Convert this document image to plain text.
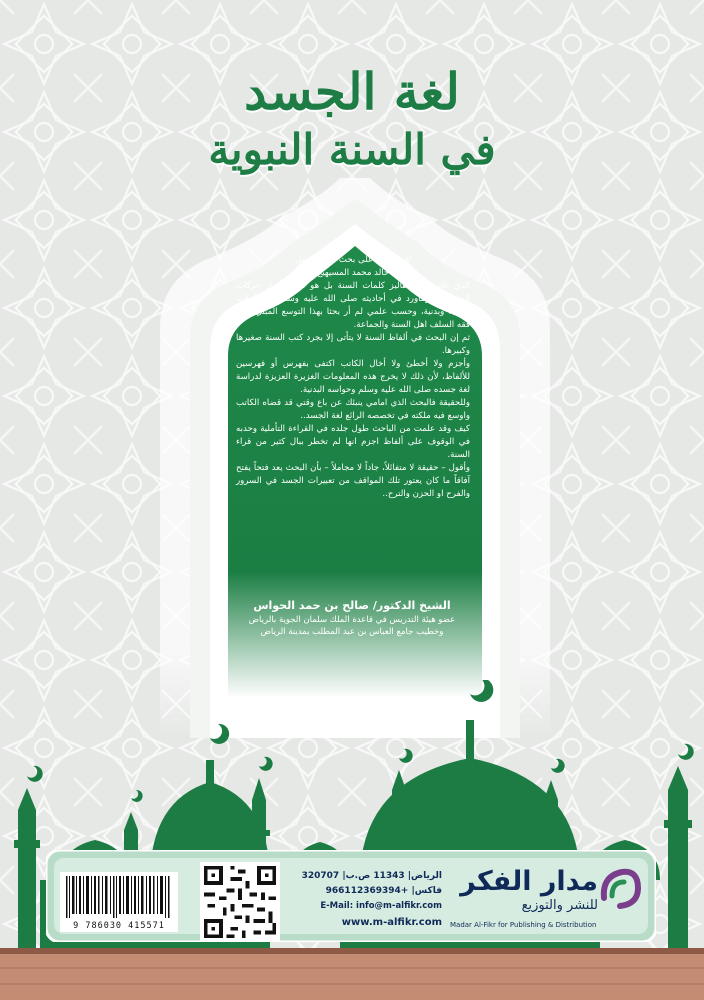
لغة الجسد
في السنة النبوية

لقد وقفت على بحث الأخ الفاضل

خالد محمد المسيهيج

الذي غاص في دهاليز كلمات السنة بل هو سبر لأغوار حركات المصطفى وماورد في أحاديثه صلى الله عليه وسلم من تأملات باطنية وبدنية، وحسب علمي لم أر بحثا بهذا التوسع المبني على فقه السلف اهل السنة والجماعة.

ثم إن البحث في ألفاظ السنة لا يتأتى إلا بجرد كتب السنة صغيرها وكبيرها.

وأجزم ولا أخطئ ولا أخال الكاتب اكتفى بفهرس أو فهرسين للألفاظ، لأن ذلك لا يخرج هذه المعلومات الغزيرة العزيزة لدراسة لغة جسده صلى الله عليه وسلم وحواسه البدنية.

وللحقيقة فالبحث الذي امامي ينبئك عن باع وقتي قد قضاه الكاتب واوسع فيه ملكته في تخصصه الرائع لغة الجسد..

كيف وقد علمت من الباحث طول جلده في القراءة التأملية وحدبه في الوقوف على ألفاظ اجزم انها لم تخطر ببال كثير من قراء السنة.

وأقول – حقيقة لا متفائلاً، جاداً لا مجاملاً – بأن البحث يعد فتحاً يفتح آفاقاً ما كان يعتور تلك المواقف من تعبيرات الجسد في السرور والفرح او الحزن والترح..

الشيخ الدكتور/ صالح بن حمد الحواس
عضو هيئة التدريس في قاعدة الملك سلمان الجوية بالرياض
وخطيب جامع العباس بن عبد المطلب بمدينة الرياض
9 786030 415571
الرياض| 11343 ص.ب| 320707
فاكس| +966112369394
E-Mail: info@m-alfikr.com
www.m-alfikr.com
مدار الفكر
للنشر والتوزيع
Madar Al-Fikr for Publishing & Distribution
